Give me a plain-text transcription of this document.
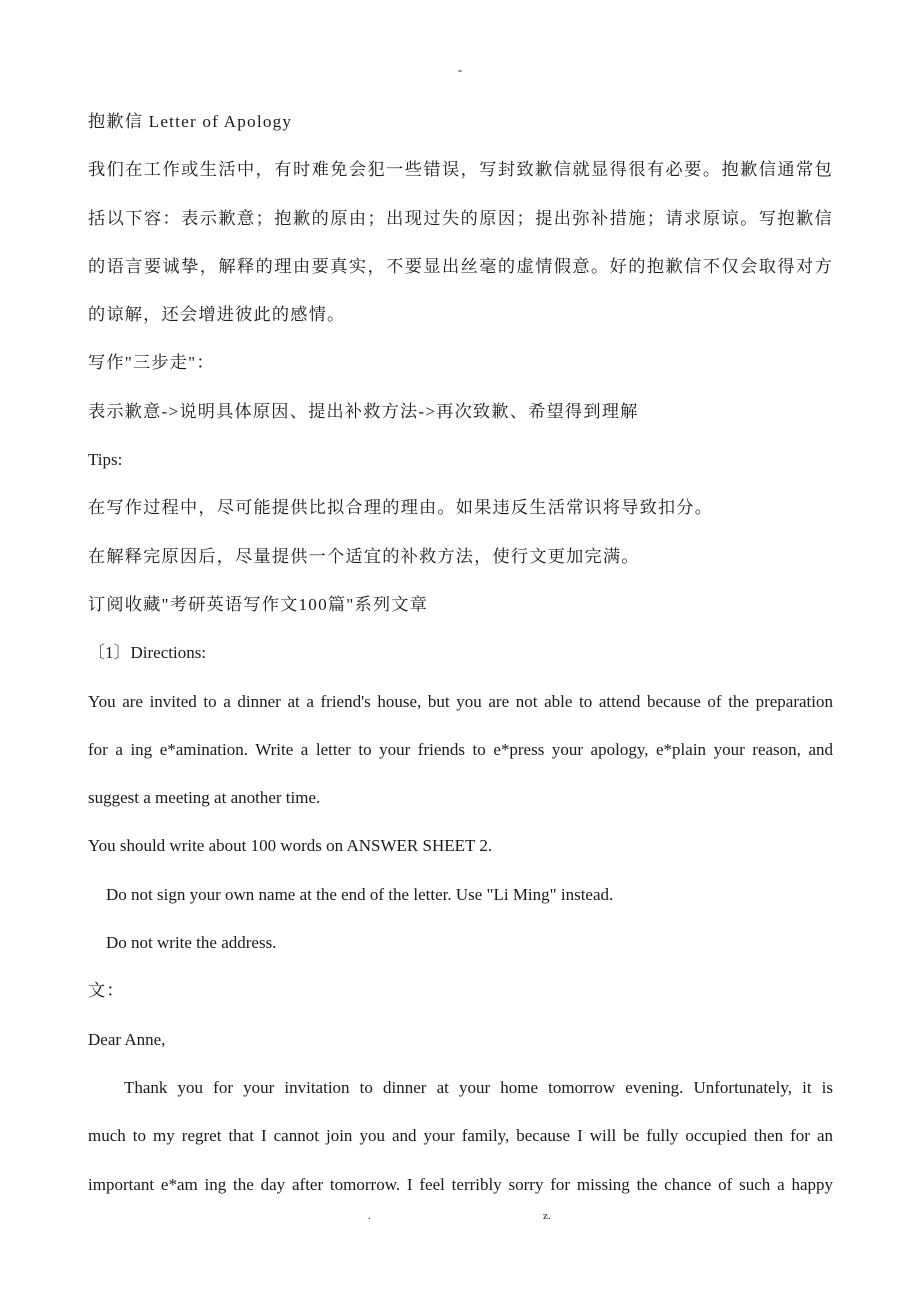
-
抱歉信 Letter of Apology
我们在工作或生活中，有时难免会犯一些错误，写封致歉信就显得很有必要。抱歉信通常包
括以下容：表示歉意；抱歉的原由；出现过失的原因；提出弥补措施；请求原谅。写抱歉信
的语言要诚挚，解释的理由要真实，不要显出丝毫的虚情假意。好的抱歉信不仅会取得对方
的谅解，还会增进彼此的感情。
写作"三步走"：
表示歉意->说明具体原因、提出补救方法->再次致歉、希望得到理解
Tips:
在写作过程中，尽可能提供比拟合理的理由。如果违反生活常识将导致扣分。
在解释完原因后，尽量提供一个适宜的补救方法，使行文更加完满。
订阅收藏"考研英语写作文100篇"系列文章
〔1〕Directions:
You are invited to a dinner at a friend's house, but you are not able to attend because of the preparation
for a ing e*amination. Write a letter to your friends to e*press your apology, e*plain your reason, and
suggest a meeting at another time.
You should write about 100 words on ANSWER SHEET 2.
Do not sign your own name at the end of the letter. Use "Li Ming" instead.
Do not write the address.
文：
Dear Anne,
Thank you for your invitation to dinner at your home tomorrow evening. Unfortunately, it is
much to my regret that I cannot join you and your family, because I will be fully occupied then for an
important e*am ing the day after tomorrow. I feel terribly sorry for missing the chance of such a happy
.	z.
